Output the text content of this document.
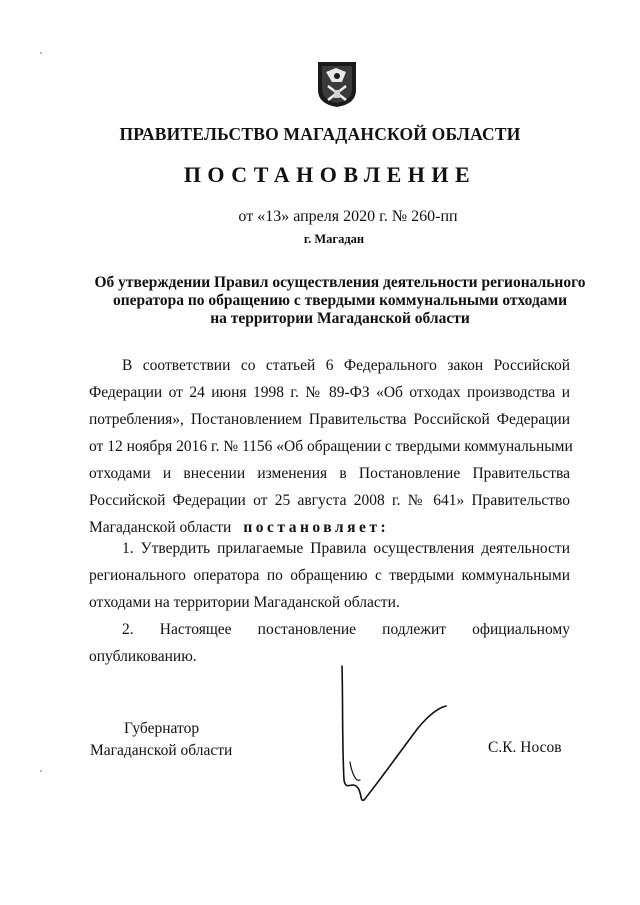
ПРАВИТЕЛЬСТВО МАГАДАНСКОЙ ОБЛАСТИ
ПОСТАНОВЛЕНИЕ
от «13» апреля 2020 г. № 260-пп
г. Магадан
Об утверждении Правил осуществления деятельности регионального
оператора по обращению с твердыми коммунальными отходами
на территории Магаданской области
В соответствии со статьей 6 Федерального закон Российской
Федерации от 24 июня 1998 г. № 89-ФЗ «Об отходах производства и
потребления», Постановлением Правительства Российской Федерации
от 12 ноября 2016 г. № 1156 «Об обращении с твердыми коммунальными
отходами и внесении изменения в Постановление Правительства
Российской Федерации от 25 августа 2008 г. № 641» Правительство
Магаданской области постановляет:
1. Утвердить прилагаемые Правила осуществления деятельности
регионального оператора по обращению с твердыми коммунальными
отходами на территории Магаданской области.
2. Настоящее постановление подлежит официальному
опубликованию.
Губернатор
Магаданской области	С.К. Носов
